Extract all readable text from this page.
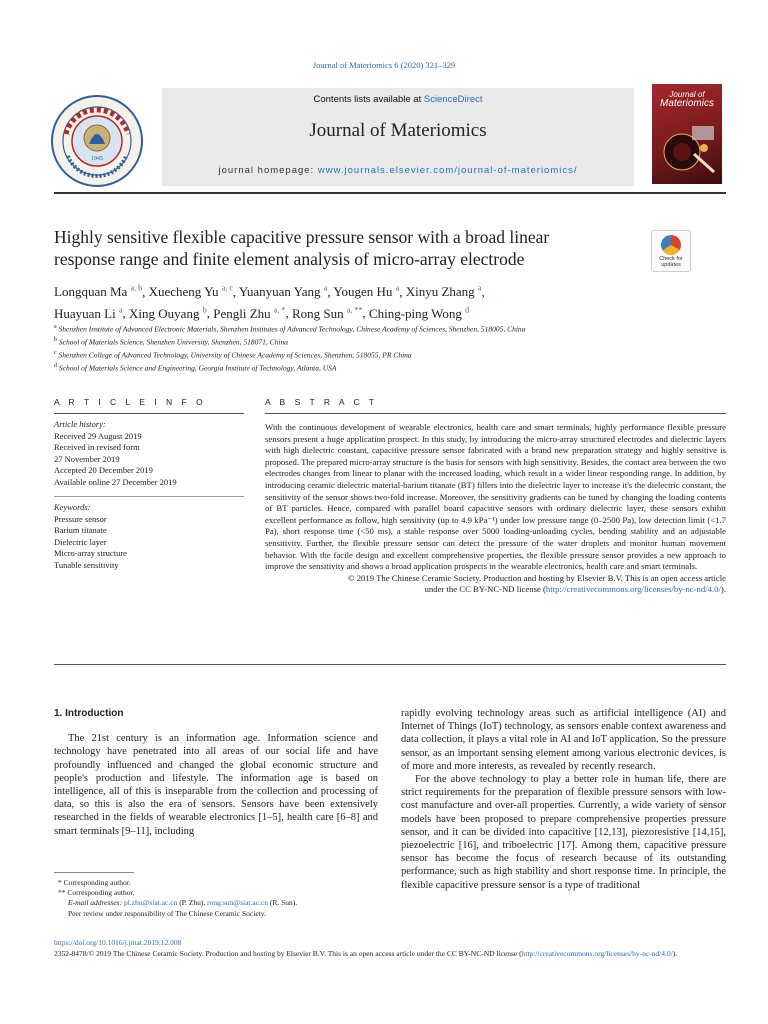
Journal of Materiomics 6 (2020) 321–329
1945
Contents lists available at ScienceDirect
Journal of Materiomics
journal homepage: www.journals.elsevier.com/journal-of-materiomics/
Journal of
Materiomics
Highly sensitive flexible capacitive pressure sensor with a broad linear
response range and finite element analysis of micro-array electrode	Check for
updates
Longquan Ma $^{a, b}$, Xuecheng Yu $^{a, c}$, Yuanyuan Yang $^a$, Yougen Hu $^a$, Xinyu Zhang $^a$,
Huayuan Li $^a$, Xing Ouyang $^b$, Pengli Zhu $^{a, *}$, Rong Sun $^{a, **}$, Ching-ping Wong $^d$
$^a$ Shenzhen Institute of Advanced Electronic Materials, Shenzhen Institutes of Advanced Technology, Chinese Academy of Sciences, Shenzhen, 518005, China
$^b$ School of Materials Science, Shenzhen University, Shenzhen, 518071, China
$^c$ Shenzhen College of Advanced Technology, University of Chinese Academy of Sciences, Shenzhen, 518055, PR China
$^d$ School of Materials Science and Engineering, Georgia Institute of Technology, Atlanta, USA
A R T I C L E I N F O
Article history:
Received 29 August 2019
Received in revised form
27 November 2019
Accepted 20 December 2019
Available online 27 December 2019
Keywords:
Pressure sensor
Barium titanate
Dielectric layer
Micro-array structure
Tunable sensitivity
A B S T R A C T

With the continuous development of wearable electronics, health care and smart terminals, highly performance flexible pressure sensors present a huge application prospect. In this study, by introducing the micro-array structured electrodes and dielectric layers with high dielectric constant, capacitive pressure sensor fabricated with a brand new preparation strategy and highly sensitive is proposed. The prepared micro-array structure is the basis for sensors with high sensitivity. Besides, the contact area between the two electrodes changes from linear to planar with the increased loading, which result in a wider linear responding range. In addition, by introducing ceramic dielectric material-barium titanate (BT) fillers into the dielectric layer to increase it's the dielectric constant, the sensitivity of the sensor shows two-fold increase. Moreover, the sensitivity gradients can be tuned by changing the loading contents of BT particles. Hence, compared with parallel board capacitive sensors with ordinary dielectric layer, these sensors exhibit excellent performance as follow, high sensitivity (up to 4.9 kPa⁻¹) under low pressure range (0–2500 Pa), low detection limit (<1.7 Pa), short response time (<50 ms), a stable response over 5000 loading-unloading cycles, bending stability and an adjustable sensitivity. Further, the flexible pressure sensor can detect the pressure of the water droplets and monitor human movement behavior. With the facile design and excellent comprehensive properties, the flexible pressure sensor provides a new approach to improve the sensitivity and shows a broad application prospects in the wearable electronics, health care and smart terminals.

© 2019 The Chinese Ceramic Society. Production and hosting by Elsevier B.V. This is an open access article
under the CC BY-NC-ND license (http://creativecommons.org/licenses/by-nc-nd/4.0/).

1. Introduction

The 21st century is an information age. Information science and technology have penetrated into all areas of our social life and have profoundly influenced and changed the global economic structure and people's production and lifestyle. The information age is based on intelligence, all of this is inseparable from the collection and processing of data, so this is also the era of sensors. Sensors have been extensively researched in the fields of wearable electronics [1–5], health care [6–8] and smart terminals [9–11], including

rapidly evolving technology areas such as artificial intelligence (AI) and Internet of Things (IoT) technology, as sensors enable context awareness and data collection, it plays a vital role in AI and IoT application. So the pressure sensor, as an important sensing element among various electronic devices, is of more and more interests, as revealed by recently research.

For the above technology to play a better role in human life, there are strict requirements for the preparation of flexible pressure sensors with low-cost manufacture and over-all properties. Currently, a wide variety of sensor models have been proposed to prepare comprehensive properties pressure sensor, and it can be divided into capacitive [12,13], piezoresistive [14,15], piezoelectric [16], and triboelectric [17]. Among them, capacitive pressure sensor has become the focus of research because of its outstanding performance, such as high stability and short response time. In principle, the flexible capacitive pressure sensor is a type of traditional

* Corresponding author.
** Corresponding author.
E-mail addresses: pl.zhu@siat.ac.cn (P. Zhu), rong.sun@siat.ac.cn (R. Sun).
Peer review under responsibility of The Chinese Ceramic Society.
https://doi.org/10.1016/j.jmat.2019.12.008
2352-8478/© 2019 The Chinese Ceramic Society. Production and hosting by Elsevier B.V. This is an open access article under the CC BY-NC-ND license (http://creativecommons.org/licenses/by-nc-nd/4.0/).
